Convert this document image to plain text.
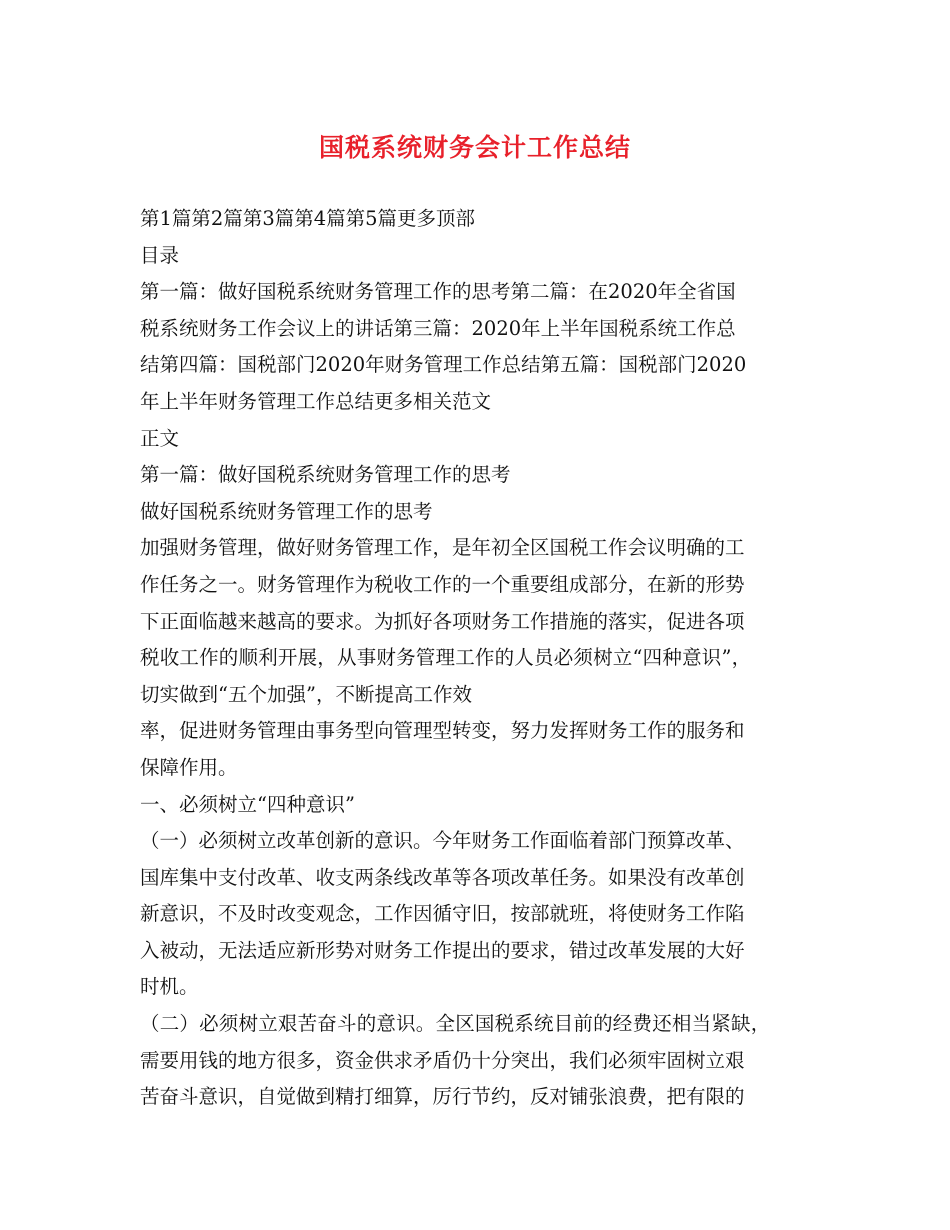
国税系统财务会计工作总结
第1篇第2篇第3篇第4篇第5篇更多顶部
目录
第一篇：做好国税系统财务管理工作的思考第二篇：在2020年全省国
税系统财务工作会议上的讲话第三篇：2020年上半年国税系统工作总
结第四篇：国税部门2020年财务管理工作总结第五篇：国税部门2020
年上半年财务管理工作总结更多相关范文
正文
第一篇：做好国税系统财务管理工作的思考
做好国税系统财务管理工作的思考
加强财务管理，做好财务管理工作，是年初全区国税工作会议明确的工
作任务之一。财务管理作为税收工作的一个重要组成部分，在新的形势
下正面临越来越高的要求。为抓好各项财务工作措施的落实，促进各项
税收工作的顺利开展，从事财务管理工作的人员必须树立“四种意识”，
切实做到“五个加强”，不断提高工作效
率，促进财务管理由事务型向管理型转变，努力发挥财务工作的服务和
保障作用。
一、必须树立“四种意识”
（一）必须树立改革创新的意识。今年财务工作面临着部门预算改革、
国库集中支付改革、收支两条线改革等各项改革任务。如果没有改革创
新意识，不及时改变观念，工作因循守旧，按部就班，将使财务工作陷
入被动，无法适应新形势对财务工作提出的要求，错过改革发展的大好
时机。
（二）必须树立艰苦奋斗的意识。全区国税系统目前的经费还相当紧缺，
需要用钱的地方很多，资金供求矛盾仍十分突出，我们必须牢固树立艰
苦奋斗意识，自觉做到精打细算，厉行节约，反对铺张浪费，把有限的
